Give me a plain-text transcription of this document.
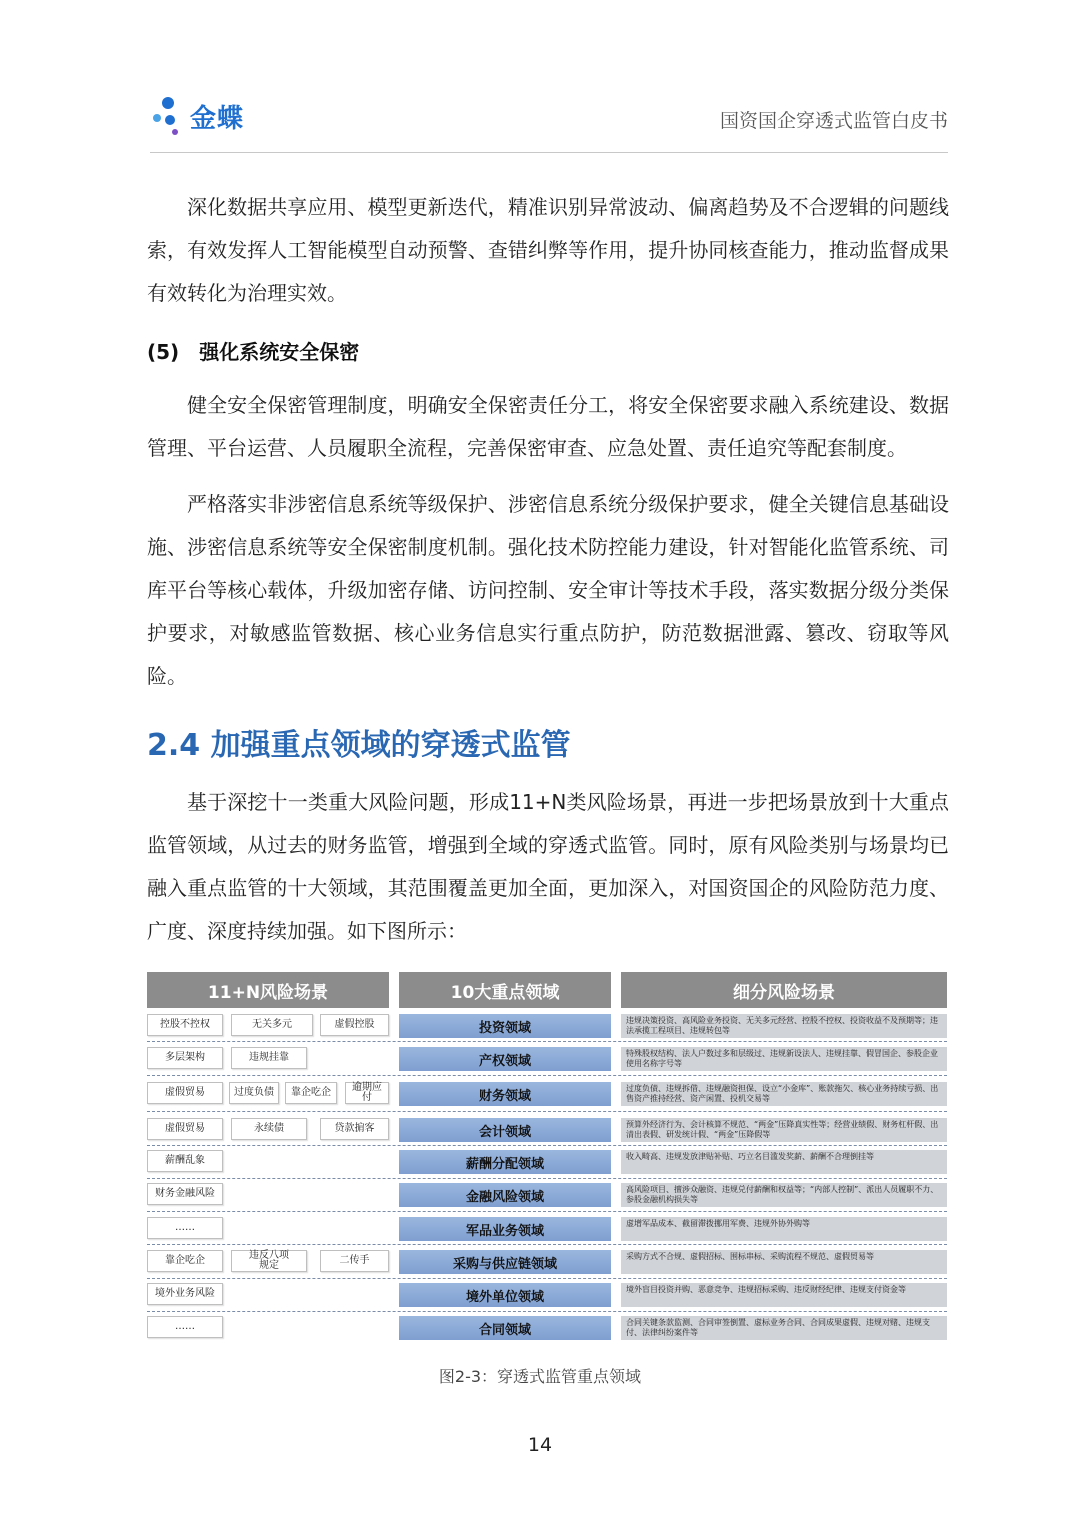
金蝶	国资国企穿透式监管白皮书
深化数据共享应用、模型更新迭代，精准识别异常波动、偏离趋势及不合逻辑的问题线索，有效发挥人工智能模型自动预警、查错纠弊等作用，提升协同核查能力，推动监督成果有效转化为治理实效。
(5)　强化系统安全保密
健全安全保密管理制度，明确安全保密责任分工，将安全保密要求融入系统建设、数据管理、平台运营、人员履职全流程，完善保密审查、应急处置、责任追究等配套制度。
严格落实非涉密信息系统等级保护、涉密信息系统分级保护要求，健全关键信息基础设施、涉密信息系统等安全保密制度机制。强化技术防控能力建设，针对智能化监管系统、司库平台等核心载体，升级加密存储、访问控制、安全审计等技术手段，落实数据分级分类保护要求，对敏感监管数据、核心业务信息实行重点防护，防范数据泄露、篡改、窃取等风险。
2.4 加强重点领域的穿透式监管
基于深挖十一类重大风险问题，形成11+N类风险场景，再进一步把场景放到十大重点监管领域，从过去的财务监管，增强到全域的穿透式监管。同时，原有风险类别与场景均已融入重点监管的十大领域，其范围覆盖更加全面，更加深入，对国资国企的风险防范力度、广度、深度持续加强。如下图所示：
11+N风险场景	10大重点领域	细分风险场景
控股不控权	无关多元	虚假控股	投资领域	违规决策投资、高风险业务投资、无关多元经营、控股不控权、投资收益不及预期等；违法承揽工程项目、违规转包等
多层架构	违规挂靠	产权领域	特殊股权结构、法人户数过多和层级过、违规新设法人、违规挂靠、假冒国企、参股企业使用名称字号等
虚假贸易	过度负债	靠企吃企	逾期应付	财务领域	过度负债、违规拆借、违规融资担保、设立“小金库”、账款拖欠、核心业务持续亏损、出售资产推持经营、资产闲置、投机交易等
虚假贸易	永续债	贷款掮客	会计领域	预算外经济行为、会计核算不规范、“两金”压降真实性等；经营业绩假、财务杠杆假、出清出表假、研发统计假、“两金”压降假等
薪酬乱象	薪酬分配领域	收入畸高、违规发放津贴补贴、巧立名目滥发奖薪、薪酬不合理倒挂等
财务金融风险	金融风险领域	高风险项目、擅涉众融资、违规兑付薪酬和权益等；“内部人控制”、派出人员履职不力、参股金融机构损失等
……	军品业务领域	虚增军品成本、截留滞拨挪用军费、违规外协外购等
靠企吃企	违反八项规定	二传手	采购与供应链领域	采购方式不合规、虚假招标、围标串标、采购流程不规范、虚假贸易等
境外业务风险	境外单位领域	境外盲目投资并购、恶意竞争、违规招标采购、违反财经纪律、违规支付资金等
……	合同领域	合同关键条款监测、合同审签倒置、虚标业务合同、合同成果虚假、违规对赌、违规支付、法律纠纷案件等
图2-3：穿透式监管重点领域
14
